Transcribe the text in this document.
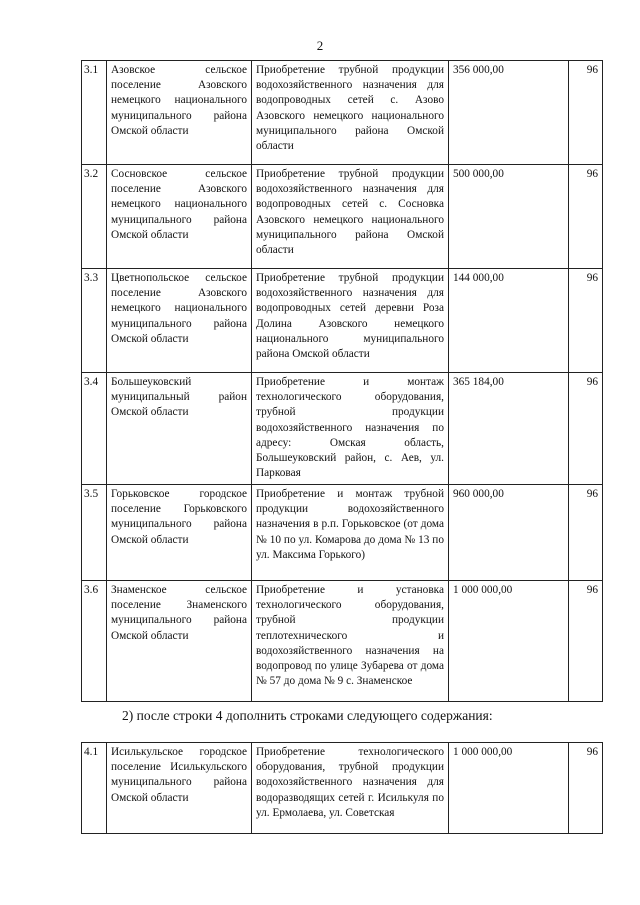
2
3.1	Азовское сельское поселение Азовского немецкого национального муниципального района Омской области	Приобретение трубной продукции водохозяйственного назначения для водопроводных сетей с. Азово Азовского немецкого национального муниципального района Омской области	356 000,00	96
3.2	Сосновское сельское поселение Азовского немецкого национального муниципального района Омской области	Приобретение трубной продукции водохозяйственного назначения для водопроводных сетей с. Сосновка Азовского немецкого национального муниципального района Омской области	500 000,00	96
3.3	Цветнопольское сельское поселение Азовского немецкого национального муниципального района Омской области	Приобретение трубной продукции водохозяйственного назначения для водопроводных сетей деревни Роза Долина Азовского немецкого национального муниципального района Омской области	144 000,00	96
3.4	Большеуковский муниципальный район Омской области	Приобретение и монтаж технологического оборудования, трубной продукции водохозяйственного назначения по адресу: Омская область, Большеуковский район, с. Аев, ул. Парковая	365 184,00	96
3.5	Горьковское городское поселение Горьковского муниципального района Омской области	Приобретение и монтаж трубной продукции водохозяйственного назначения в р.п. Горьковское (от дома № 10 по ул. Комарова до дома № 13 по ул. Максима Горького)	960 000,00	96
3.6	Знаменское сельское поселение Знаменского муниципального района Омской области	Приобретение и установка технологического оборудования, трубной продукции теплотехнического и водохозяйственного назначения на водопровод по улице Зубарева от дома № 57 до дома № 9 с. Знаменское	1 000 000,00	96
2) после строки 4 дополнить строками следующего содержания:
4.1	Исилькульское городское поселение Исилькульского муниципального района Омской области	Приобретение технологического оборудования, трубной продукции водохозяйственного назначения для водоразводящих сетей г. Исилькуля по ул. Ермолаева, ул. Советская	1 000 000,00	96
